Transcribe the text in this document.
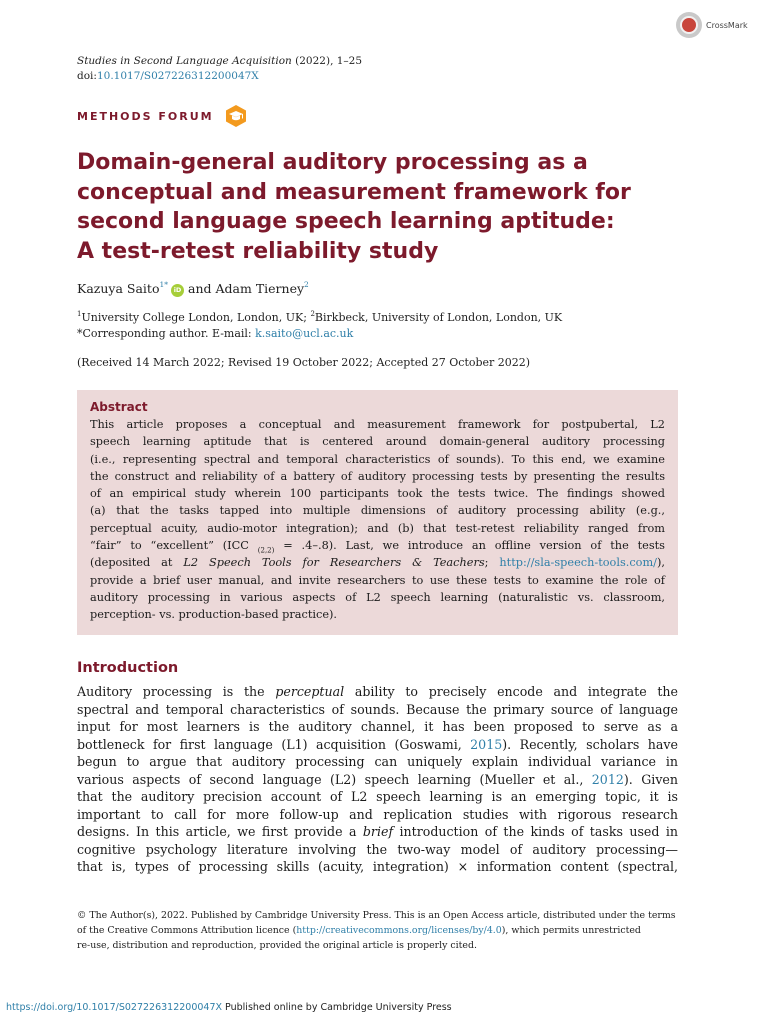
CrossMark
Studies in Second Language Acquisition (2022), 1–25
doi:10.1017/S027226312200047X
METHODS FORUM
Domain-general auditory processing as a
conceptual and measurement framework for
second language speech learning aptitude:
A test-retest reliability study
Kazuya Saito$^{1*}$iD and Adam Tierney$^2$
$^1$University College London, London, UK; $^2$Birkbeck, University of London, London, UK
*Corresponding author. E-mail: k.saito@ucl.ac.uk
(Received 14 March 2022; Revised 19 October 2022; Accepted 27 October 2022)
Abstract
This article proposes a conceptual and measurement framework for postpubertal, L2
speech learning aptitude that is centered around domain-general auditory processing
(i.e., representing spectral and temporal characteristics of sounds). To this end, we examine
the construct and reliability of a battery of auditory processing tests by presenting the results
of an empirical study wherein 100 participants took the tests twice. The findings showed
(a) that the tasks tapped into multiple dimensions of auditory processing ability (e.g.,
perceptual acuity, audio-motor integration); and (b) that test-retest reliability ranged from
“fair” to “excellent” (ICC $_{(2,2)}$ = .4–.8). Last, we introduce an offline version of the tests
(deposited at L2 Speech Tools for Researchers & Teachers; http://sla-speech-tools.com/),
provide a brief user manual, and invite researchers to use these tests to examine the role of
auditory processing in various aspects of L2 speech learning (naturalistic vs. classroom,
perception- vs. production-based practice).
Introduction
Auditory processing is the perceptual ability to precisely encode and integrate the
spectral and temporal characteristics of sounds. Because the primary source of language
input for most learners is the auditory channel, it has been proposed to serve as a
bottleneck for first language (L1) acquisition (Goswami, 2015). Recently, scholars have
begun to argue that auditory processing can uniquely explain individual variance in
various aspects of second language (L2) speech learning (Mueller et al., 2012). Given
that the auditory precision account of L2 speech learning is an emerging topic, it is
important to call for more follow-up and replication studies with rigorous research
designs. In this article, we first provide a brief introduction of the kinds of tasks used in
cognitive psychology literature involving the two-way model of auditory processing—
that is, types of processing skills (acuity, integration) × information content (spectral,
© The Author(s), 2022. Published by Cambridge University Press. This is an Open Access article, distributed under the terms
of the Creative Commons Attribution licence (http://creativecommons.org/licenses/by/4.0), which permits unrestricted
re-use, distribution and reproduction, provided the original article is properly cited.
https://doi.org/10.1017/S027226312200047X Published online by Cambridge University Press
